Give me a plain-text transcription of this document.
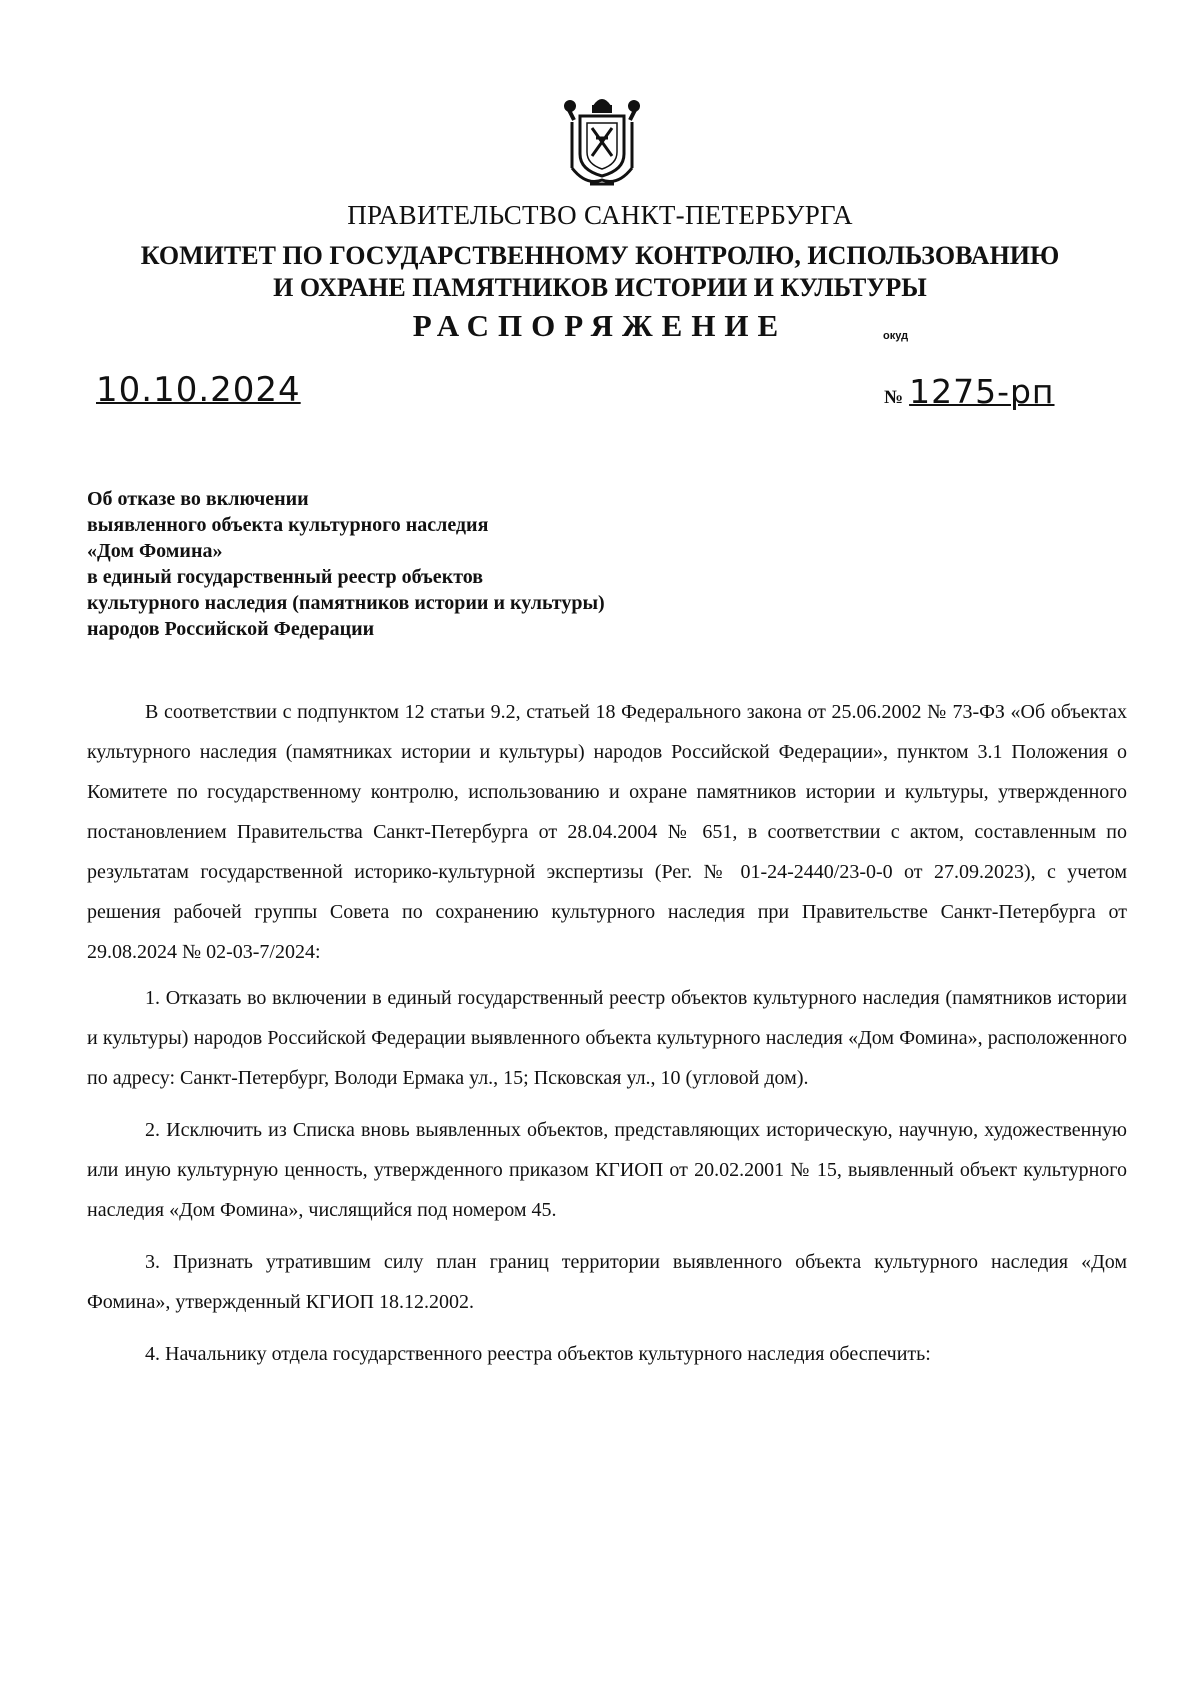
ПРАВИТЕЛЬСТВО САНКТ-ПЕТЕРБУРГА
КОМИТЕТ ПО ГОСУДАРСТВЕННОМУ КОНТРОЛЮ, ИСПОЛЬЗОВАНИЮ
И ОХРАНЕ ПАМЯТНИКОВ ИСТОРИИ И КУЛЬТУРЫ
РАСПОРЯЖЕНИЕ	окуд
10.10.2024	№ 1275-рп
Об отказе во включении
выявленного объекта культурного наследия
«Дом Фомина»
в единый государственный реестр объектов
культурного наследия (памятников истории и культуры)
народов Российской Федерации
В соответствии с подпунктом 12 статьи 9.2, статьей 18 Федерального закона от 25.06.2002 № 73-ФЗ «Об объектах культурного наследия (памятниках истории и культуры) народов Российской Федерации», пунктом 3.1 Положения о Комитете по государственному контролю, использованию и охране памятников истории и культуры, утвержденного постановлением Правительства Санкт-Петербурга от 28.04.2004 № 651, в соответствии с актом, составленным по результатам государственной историко-культурной экспертизы (Рег. № 01-24-2440/23-0-0 от 27.09.2023), с учетом решения рабочей группы Совета по сохранению культурного наследия при Правительстве Санкт-Петербурга от 29.08.2024 № 02-03-7/2024:
1. Отказать во включении в единый государственный реестр объектов культурного наследия (памятников истории и культуры) народов Российской Федерации выявленного объекта культурного наследия «Дом Фомина», расположенного по адресу: Санкт-Петербург, Володи Ермака ул., 15; Псковская ул., 10 (угловой дом).
2. Исключить из Списка вновь выявленных объектов, представляющих историческую, научную, художественную или иную культурную ценность, утвержденного приказом КГИОП от 20.02.2001 № 15, выявленный объект культурного наследия «Дом Фомина», числящийся под номером 45.
3. Признать утратившим силу план границ территории выявленного объекта культурного наследия «Дом Фомина», утвержденный КГИОП 18.12.2002.
4. Начальнику отдела государственного реестра объектов культурного наследия обеспечить:
